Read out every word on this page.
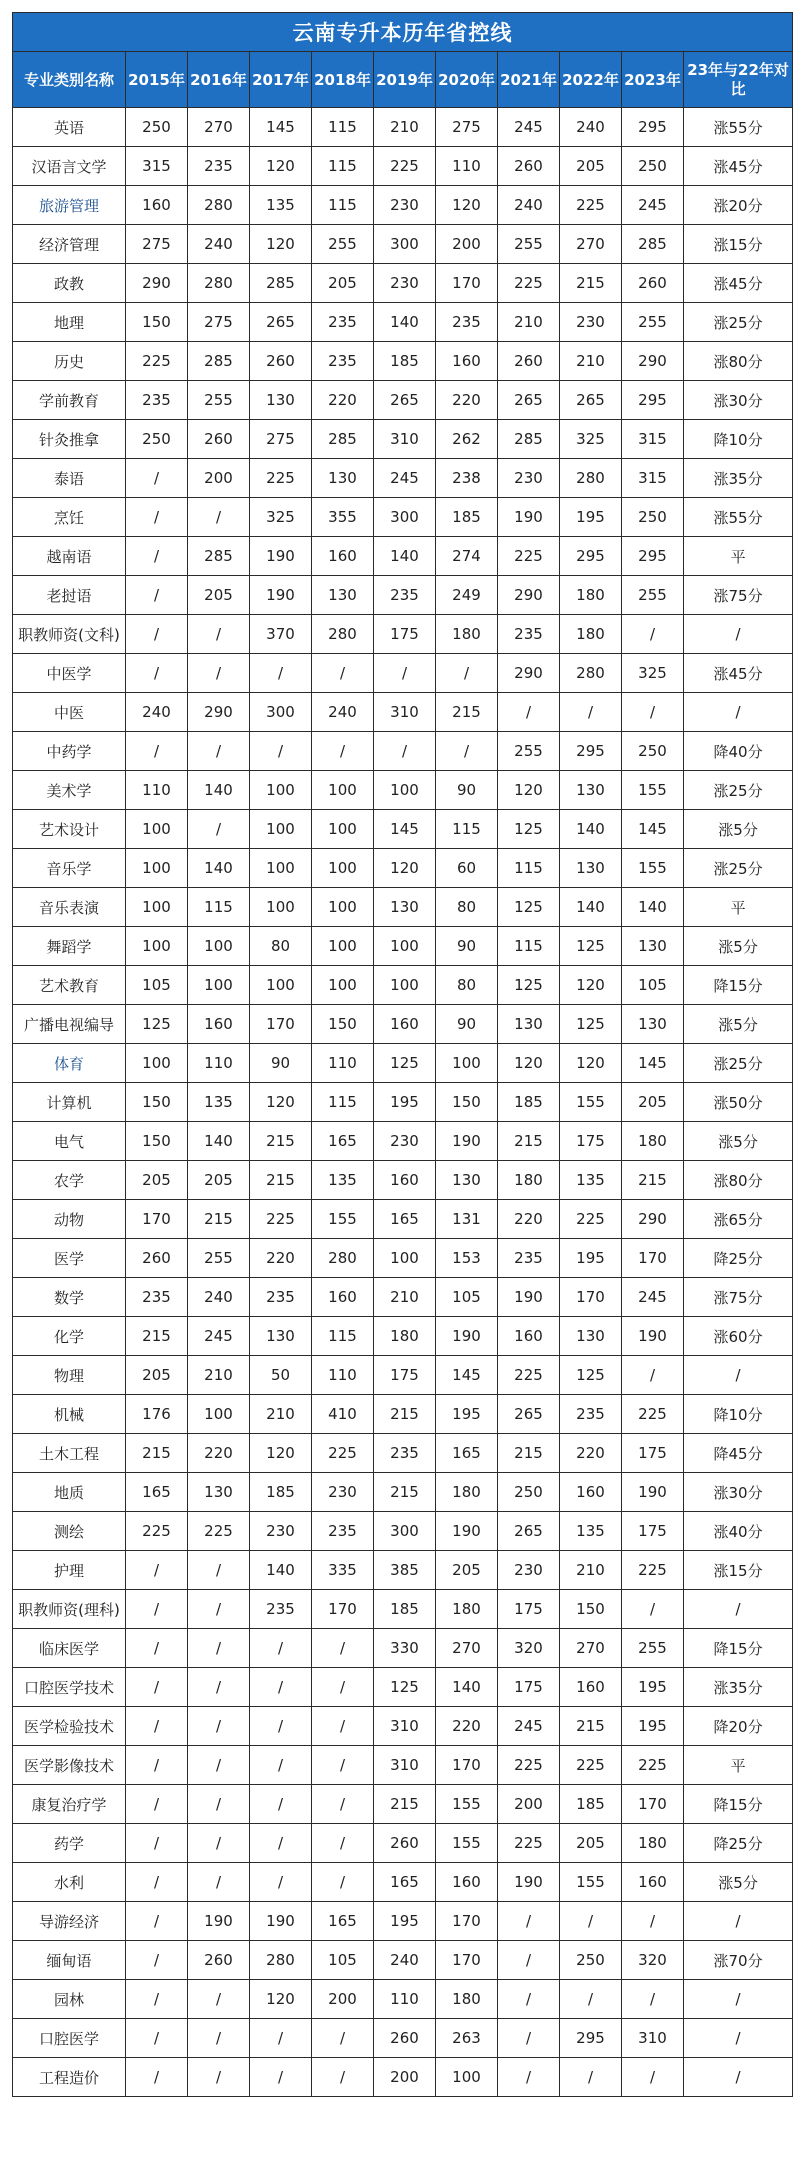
云南专升本历年省控线										
专业类别名称	2015年	2016年	2017年	2018年	2019年	2020年	2021年	2022年	2023年	23年与22年对比
英语	250	270	145	115	210	275	245	240	295	涨55分
汉语言文学	315	235	120	115	225	110	260	205	250	涨45分
旅游管理	160	280	135	115	230	120	240	225	245	涨20分
经济管理	275	240	120	255	300	200	255	270	285	涨15分
政教	290	280	285	205	230	170	225	215	260	涨45分
地理	150	275	265	235	140	235	210	230	255	涨25分
历史	225	285	260	235	185	160	260	210	290	涨80分
学前教育	235	255	130	220	265	220	265	265	295	涨30分
针灸推拿	250	260	275	285	310	262	285	325	315	降10分
泰语	/	200	225	130	245	238	230	280	315	涨35分
烹饪	/	/	325	355	300	185	190	195	250	涨55分
越南语	/	285	190	160	140	274	225	295	295	平
老挝语	/	205	190	130	235	249	290	180	255	涨75分
职教师资(文科)	/	/	370	280	175	180	235	180	/	/
中医学	/	/	/	/	/	/	290	280	325	涨45分
中医	240	290	300	240	310	215	/	/	/	/
中药学	/	/	/	/	/	/	255	295	250	降40分
美术学	110	140	100	100	100	90	120	130	155	涨25分
艺术设计	100	/	100	100	145	115	125	140	145	涨5分
音乐学	100	140	100	100	120	60	115	130	155	涨25分
音乐表演	100	115	100	100	130	80	125	140	140	平
舞蹈学	100	100	80	100	100	90	115	125	130	涨5分
艺术教育	105	100	100	100	100	80	125	120	105	降15分
广播电视编导	125	160	170	150	160	90	130	125	130	涨5分
体育	100	110	90	110	125	100	120	120	145	涨25分
计算机	150	135	120	115	195	150	185	155	205	涨50分
电气	150	140	215	165	230	190	215	175	180	涨5分
农学	205	205	215	135	160	130	180	135	215	涨80分
动物	170	215	225	155	165	131	220	225	290	涨65分
医学	260	255	220	280	100	153	235	195	170	降25分
数学	235	240	235	160	210	105	190	170	245	涨75分
化学	215	245	130	115	180	190	160	130	190	涨60分
物理	205	210	50	110	175	145	225	125	/	/
机械	176	100	210	410	215	195	265	235	225	降10分
土木工程	215	220	120	225	235	165	215	220	175	降45分
地质	165	130	185	230	215	180	250	160	190	涨30分
测绘	225	225	230	235	300	190	265	135	175	涨40分
护理	/	/	140	335	385	205	230	210	225	涨15分
职教师资(理科)	/	/	235	170	185	180	175	150	/	/
临床医学	/	/	/	/	330	270	320	270	255	降15分
口腔医学技术	/	/	/	/	125	140	175	160	195	涨35分
医学检验技术	/	/	/	/	310	220	245	215	195	降20分
医学影像技术	/	/	/	/	310	170	225	225	225	平
康复治疗学	/	/	/	/	215	155	200	185	170	降15分
药学	/	/	/	/	260	155	225	205	180	降25分
水利	/	/	/	/	165	160	190	155	160	涨5分
导游经济	/	190	190	165	195	170	/	/	/	/
缅甸语	/	260	280	105	240	170	/	250	320	涨70分
园林	/	/	120	200	110	180	/	/	/	/
口腔医学	/	/	/	/	260	263	/	295	310	/
工程造价	/	/	/	/	200	100	/	/	/	/
